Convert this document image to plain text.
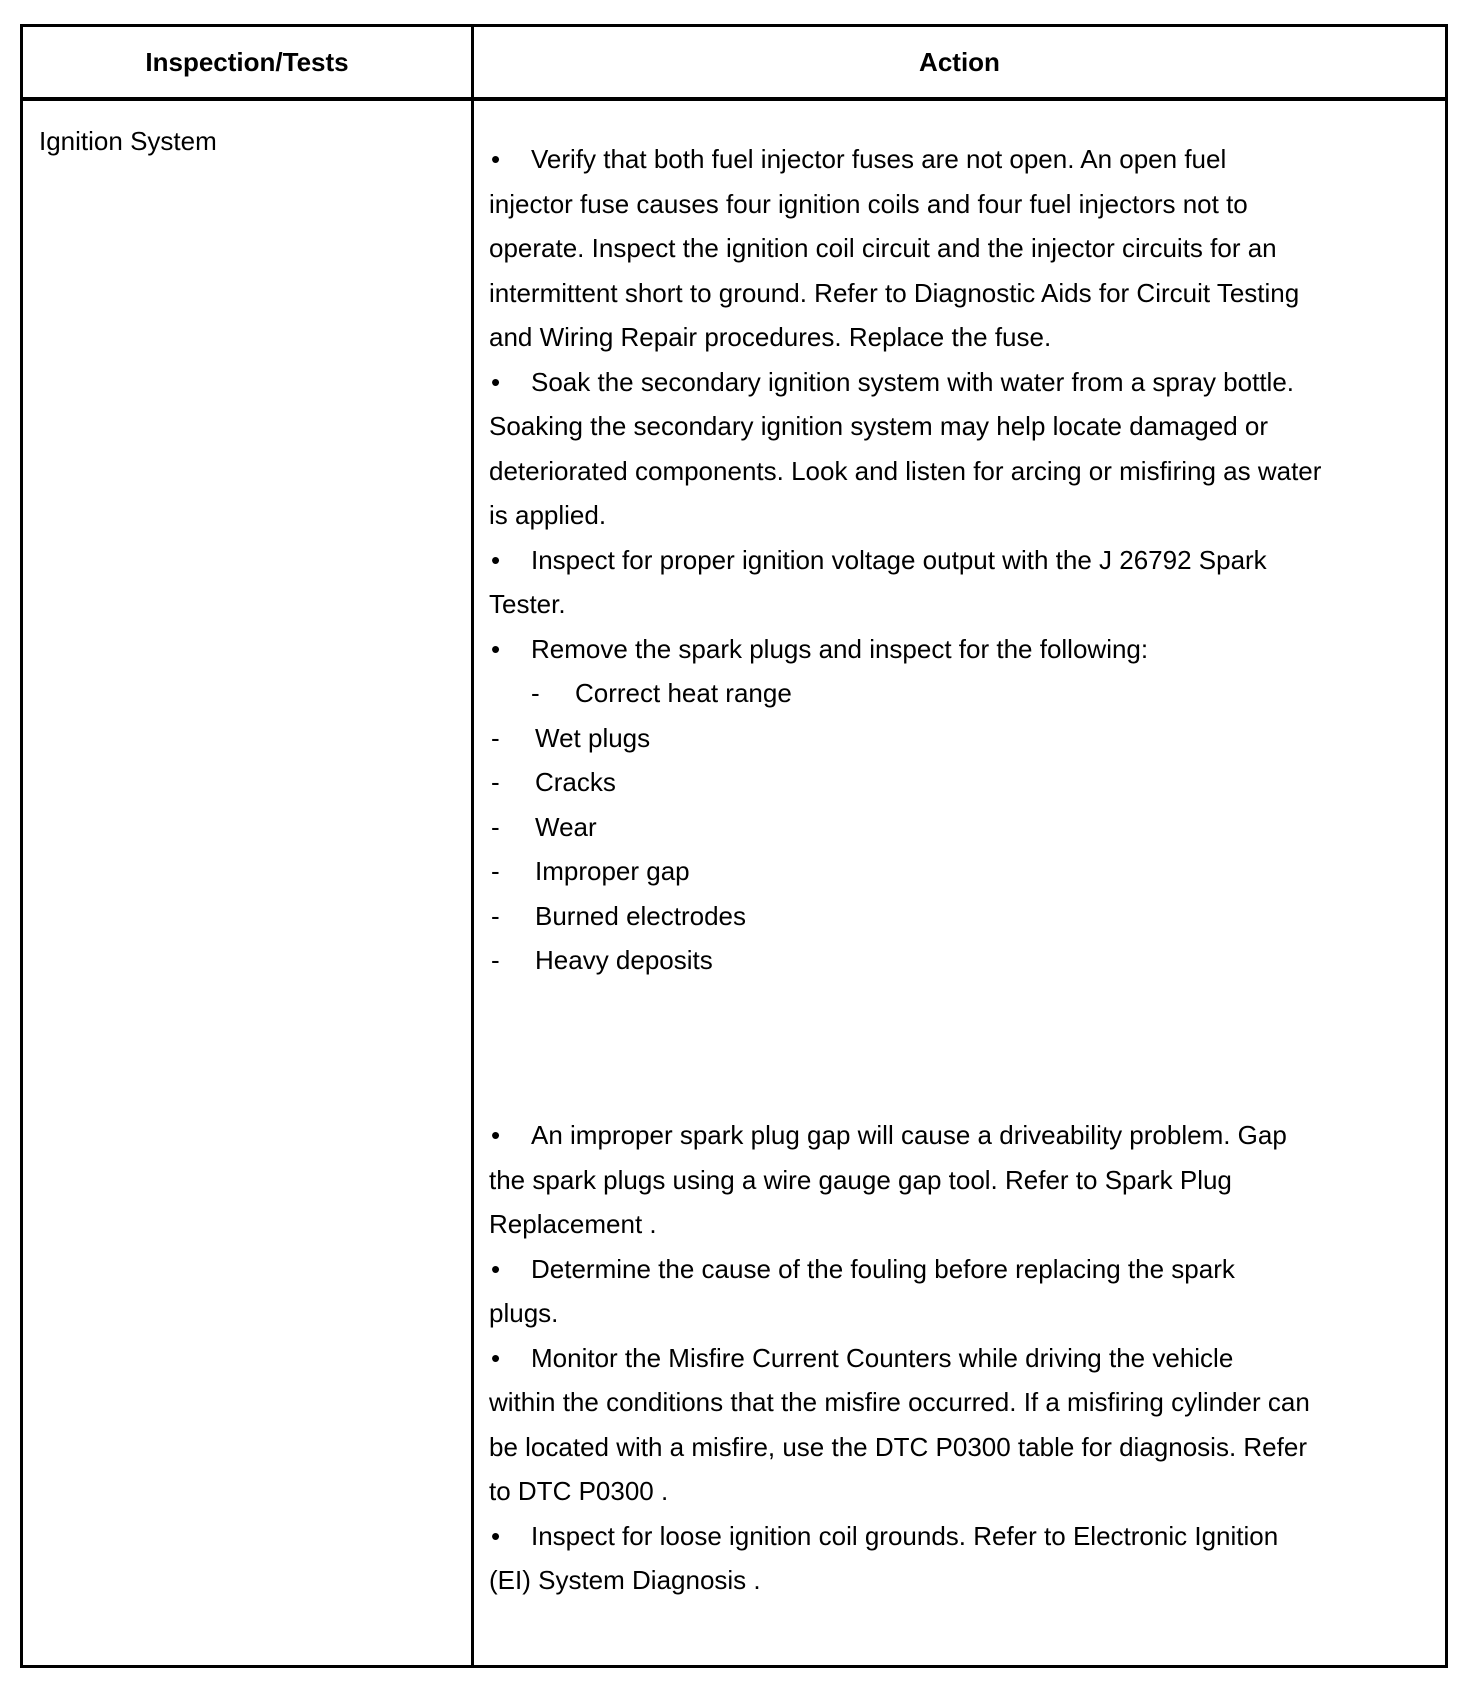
Inspection/Tests	Action
Ignition System
• Verify that both fuel injector fuses are not open. An open fuel
injector fuse causes four ignition coils and four fuel injectors not to
operate. Inspect the ignition coil circuit and the injector circuits for an
intermittent short to ground. Refer to Diagnostic Aids for Circuit Testing
and Wiring Repair procedures. Replace the fuse.
• Soak the secondary ignition system with water from a spray bottle.
Soaking the secondary ignition system may help locate damaged or
deteriorated components. Look and listen for arcing or misfiring as water
is applied.
• Inspect for proper ignition voltage output with the J 26792 Spark
Tester.
• Remove the spark plugs and inspect for the following:
- Correct heat range
- Wet plugs
- Cracks
- Wear
- Improper gap
- Burned electrodes
- Heavy deposits
• An improper spark plug gap will cause a driveability problem. Gap
the spark plugs using a wire gauge gap tool. Refer to Spark Plug
Replacement .
• Determine the cause of the fouling before replacing the spark
plugs.
• Monitor the Misfire Current Counters while driving the vehicle
within the conditions that the misfire occurred. If a misfiring cylinder can
be located with a misfire, use the DTC P0300 table for diagnosis. Refer
to DTC P0300 .
• Inspect for loose ignition coil grounds. Refer to Electronic Ignition
(EI) System Diagnosis .
